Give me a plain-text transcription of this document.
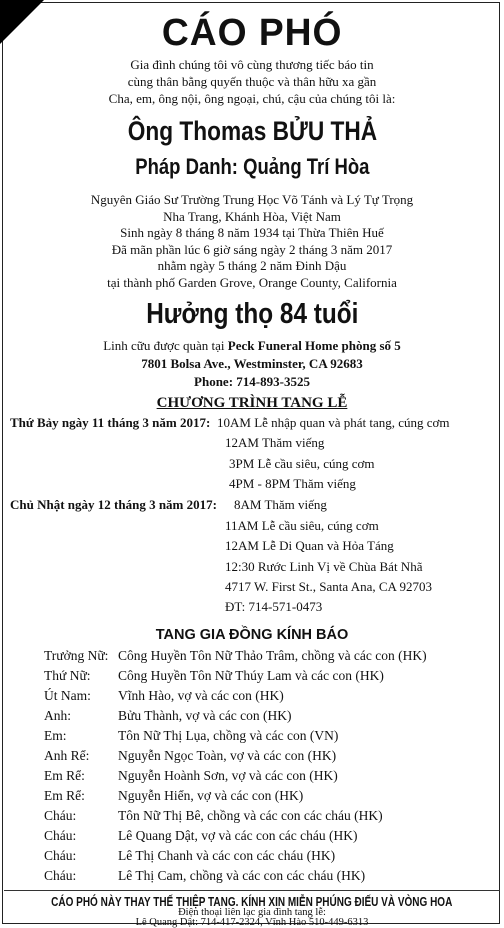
CÁO PHÓ
Gia đình chúng tôi vô cùng thương tiếc báo tin
cùng thân bằng quyến thuộc và thân hữu xa gần
Cha, em, ông nội, ông ngoại, chú, cậu của chúng tôi là:
Ông Thomas BỬU THẢ
Pháp Danh: Quảng Trí Hòa
Nguyên Giáo Sư Trường Trung Học Võ Tánh và Lý Tự Trọng
Nha Trang, Khánh Hòa, Việt Nam
Sinh ngày 8 tháng 8 năm 1934 tại Thừa Thiên Huế
Đã mãn phần lúc 6 giờ sáng ngày 2 tháng 3 năm 2017
nhằm ngày 5 tháng 2 năm Đinh Dậu
tại thành phố Garden Grove, Orange County, California
Hưởng thọ 84 tuổi
Linh cữu được quàn tại Peck Funeral Home phòng số 5
7801 Bolsa Ave., Westminster, CA 92683
Phone: 714-893-3525
CHƯƠNG TRÌNH TANG LỄ
Thứ Bảy ngày 11 tháng 3 năm 2017: 10AM Lễ nhập quan và phát tang, cúng cơm
12AM Thăm viếng
3PM Lễ cầu siêu, cúng cơm
4PM - 8PM Thăm viếng
Chủ Nhật ngày 12 tháng 3 năm 2017: 8AM Thăm viếng
11AM Lễ cầu siêu, cúng cơm
12AM Lễ Di Quan và Hỏa Táng
12:30 Rước Linh Vị về Chùa Bát Nhã
4717 W. First St., Santa Ana, CA 92703
ĐT: 714-571-0473
TANG GIA ĐỒNG KÍNH BÁO
Trưởng Nữ: Công Huyền Tôn Nữ Thảo Trâm, chồng và các con (HK)
Thứ Nữ: Công Huyền Tôn Nữ Thúy Lam và các con (HK)
Út Nam: Vĩnh Hào, vợ và các con (HK)
Anh:	Bửu Thành, vợ và các con (HK)
Em:	Tôn Nữ Thị Lụa, chồng và các con (VN)
Anh Rể: Nguyễn Ngọc Toàn, vợ và các con (HK)
Em Rể: Nguyễn Hoành Sơn, vợ và các con (HK)
Em Rể: Nguyễn Hiển, vợ và các con (HK)
Cháu:	Tôn Nữ Thị Bê, chồng và các con các cháu (HK)
Cháu:	Lê Quang Dật, vợ và các con các cháu (HK)
Cháu:	Lê Thị Chanh và các con các cháu (HK)
Cháu:	Lê Thị Cam, chồng và các con các cháu (HK)
CÁO PHÓ NÀY THAY THẾ THIỆP TANG. KÍNH XIN MIỄN PHÚNG ĐIẾU VÀ VÒNG HOA
Điện thoại liên lạc gia đình tang lễ:
Lê Quang Dật: 714-417-2324, Vĩnh Hào 510-449-6313
